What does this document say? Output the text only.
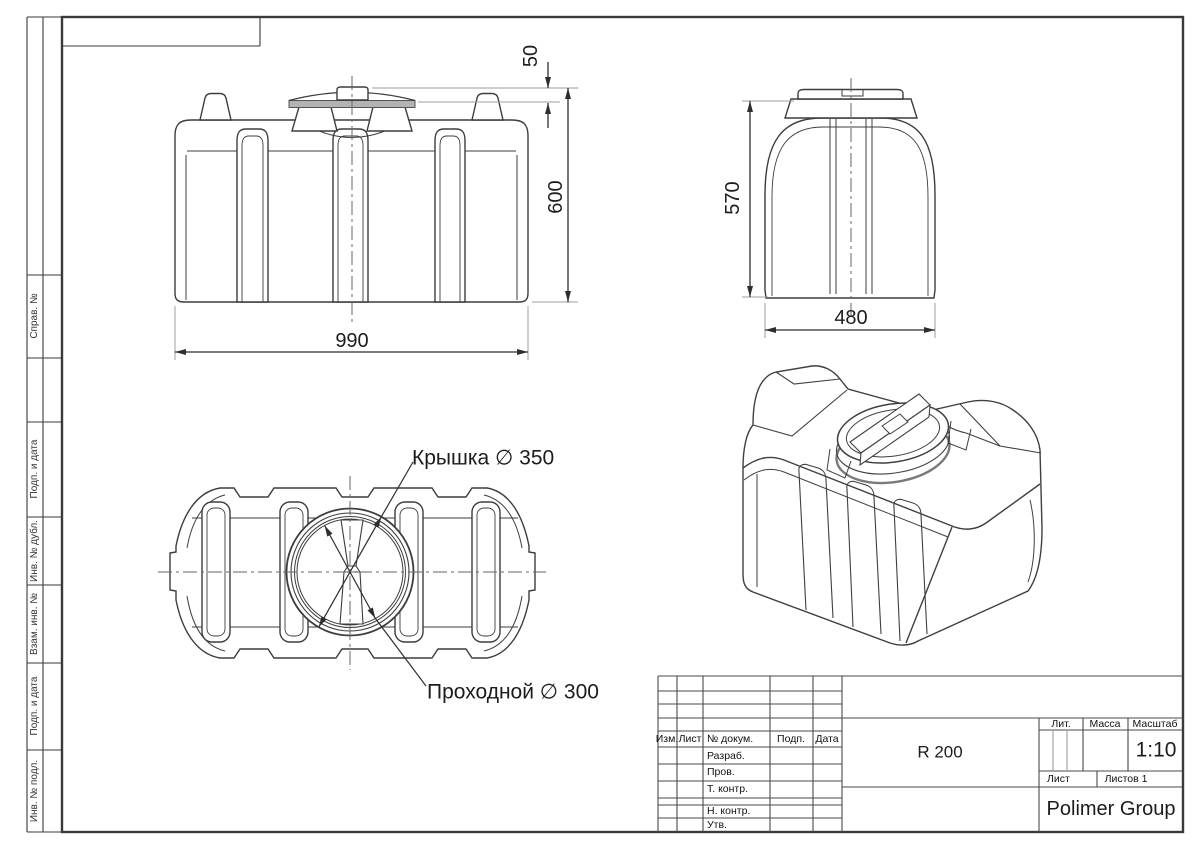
50
600
990
570
480
Крышка ∅ 350
Проходной ∅ 300
Справ. №
Подп. и дата
Инв. № дубл.
Взам. инв. №
Подп. и дата
Инв. № подл.
Изм. Лист № докум. Подп. Дата
Разраб.
Пров.
Т. контр.
Н. контр.
Утв.
R 200
Лит. Масса Масштаб
1:10
Лист	Листов 1
Polimer Group
